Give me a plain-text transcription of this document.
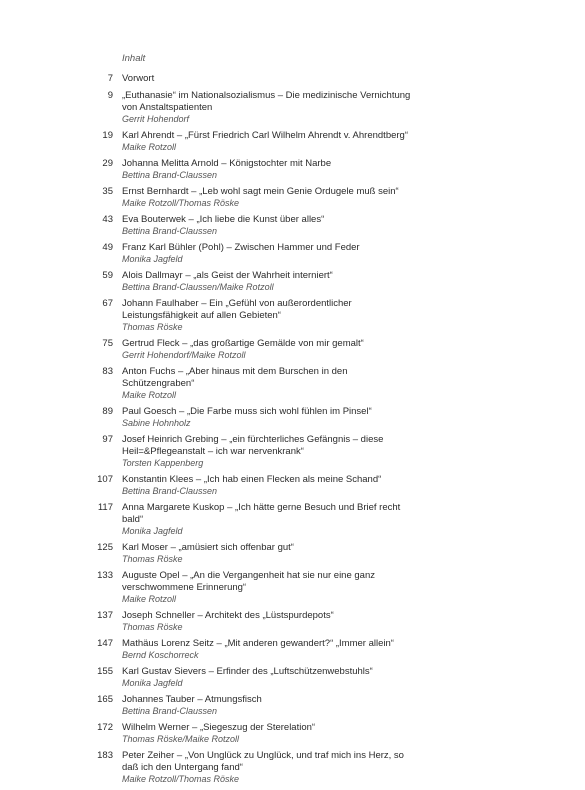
Inhalt
7 Vorwort
9 „Euthanasie“ im Nationalsozialismus – Die medizinische Vernichtung von Anstaltspatienten
Gerrit Hohendorf
19 Karl Ahrendt – „Fürst Friedrich Carl Wilhelm Ahrendt v. Ahrendtberg“
Maike Rotzoll
29 Johanna Melitta Arnold – Königstochter mit Narbe
Bettina Brand-Claussen
35 Ernst Bernhardt – „Leb wohl sagt mein Genie Ordugele muß sein“
Maike Rotzoll/Thomas Röske
43 Eva Bouterwek – „Ich liebe die Kunst über alles“
Bettina Brand-Claussen
49 Franz Karl Bühler (Pohl) – Zwischen Hammer und Feder
Monika Jagfeld
59 Alois Dallmayr – „als Geist der Wahrheit interniert“
Bettina Brand-Claussen/Maike Rotzoll
67 Johann Faulhaber – Ein „Gefühl von außerordentlicher Leistungsfähigkeit auf allen Gebieten“
Thomas Röske
75 Gertrud Fleck – „das großartige Gemälde von mir gemalt“
Gerrit Hohendorf/Maike Rotzoll
83 Anton Fuchs – „Aber hinaus mit dem Burschen in den Schützengraben“
Maike Rotzoll
89 Paul Goesch – „Die Farbe muss sich wohl fühlen im Pinsel“
Sabine Hohnholz
97 Josef Heinrich Grebing – „ein fürchterliches Gefängnis – diese Heil=&Pflegeanstalt – ich war nervenkrank“
Torsten Kappenberg
107 Konstantin Klees – „Ich hab einen Flecken als meine Schand“
Bettina Brand-Claussen
117 Anna Margarete Kuskop – „Ich hätte gerne Besuch und Brief recht bald“
Monika Jagfeld
125 Karl Moser – „amüsiert sich offenbar gut“
Thomas Röske
133 Auguste Opel – „An die Vergangenheit hat sie nur eine ganz verschwommene Erinnerung“
Maike Rotzoll
137 Joseph Schneller – Architekt des „Lüstspurdepots“
Thomas Röske
147 Mathäus Lorenz Seitz – „Mit anderen gewandert?“ „Immer allein“
Bernd Koschorreck
155 Karl Gustav Sievers – Erfinder des „Luftschützenwebstuhls“
Monika Jagfeld
165 Johannes Tauber – Atmungsfisch
Bettina Brand-Claussen
172 Wilhelm Werner – „Siegeszug der Sterelation“
Thomas Röske/Maike Rotzoll
183 Peter Zeiher – „Von Unglück zu Unglück, und traf mich ins Herz, so daß ich den Untergang fand“
Maike Rotzoll/Thomas Röske
